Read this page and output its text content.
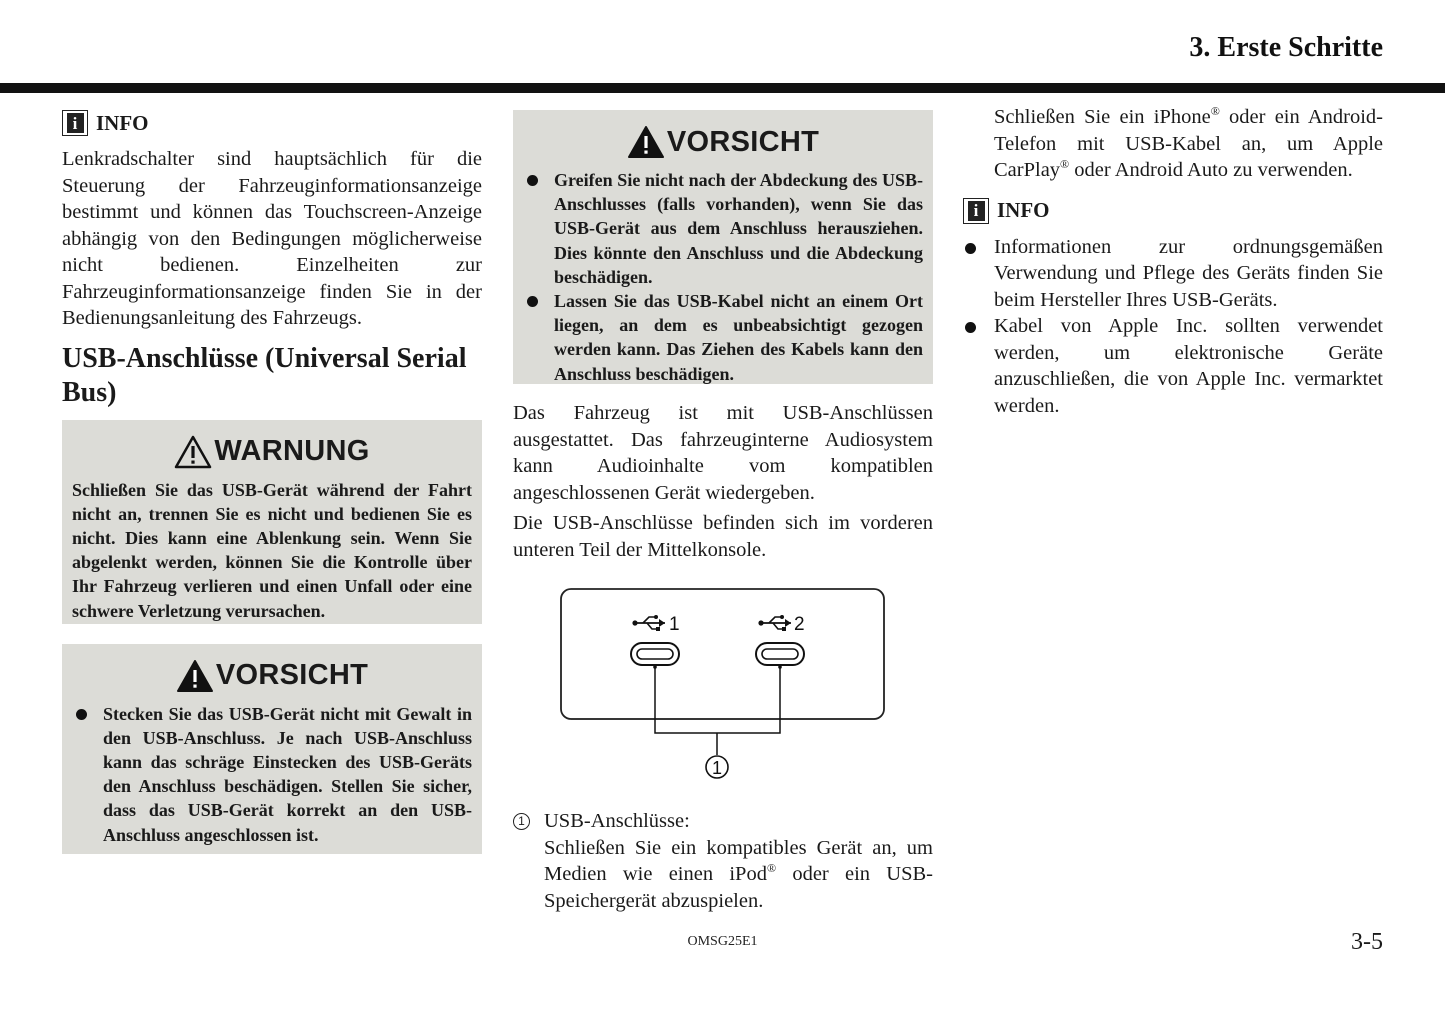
3. Erste Schritte
i INFO

Lenkradschalter sind hauptsächlich für die Steuerung der Fahrzeuginformationsanzeige bestimmt und können das Touchscreen-Anzeige abhängig von den Bedingungen möglicherweise nicht bedienen. Einzelheiten zur Fahrzeuginformationsanzeige finden Sie in der Bedienungsanleitung des Fahrzeugs.

USB-Anschlüsse (Universal Serial Bus)
WARNUNG

Schließen Sie das USB-Gerät während der Fahrt nicht an, trennen Sie es nicht und bedienen Sie es nicht. Dies kann eine Ablenkung sein. Wenn Sie abgelenkt werden, können Sie die Kontrolle über Ihr Fahrzeug verlieren und einen Unfall oder eine schwere Verletzung verursachen.

VORSICHT
Stecken Sie das USB-Gerät nicht mit Gewalt in den USB-Anschluss. Je nach USB-Anschluss kann das schräge Einstecken des USB-Geräts den Anschluss beschädigen. Stellen Sie sicher, dass das USB-Gerät korrekt an den USB-Anschluss angeschlossen ist.
VORSICHT
Greifen Sie nicht nach der Abdeckung des USB-Anschlusses (falls vorhanden), wenn Sie das USB-Gerät aus dem Anschluss herausziehen. Dies könnte den Anschluss und die Abdeckung beschädigen.
Lassen Sie das USB-Kabel nicht an einem Ort liegen, an dem es unbeabsichtigt gezogen werden kann. Das Ziehen des Kabels kann den Anschluss beschädigen.

Das Fahrzeug ist mit USB-Anschlüssen ausgestattet. Das fahrzeuginterne Audiosystem kann Audioinhalte vom kompatiblen angeschlossenen Gerät wiedergeben.

Die USB-Anschlüsse befinden sich im vorderen unteren Teil der Mittelkonsole.

1	2
1
1 USB-Anschlüsse:

Schließen Sie ein kompatibles Gerät an, um Medien wie einen iPod® oder ein USB-Speichergerät abzuspielen.

Schließen Sie ein iPhone® oder ein Android-Telefon mit USB-Kabel an, um Apple CarPlay® oder Android Auto zu verwenden.

i INFO
Informationen zur ordnungsgemäßen Verwendung und Pflege des Geräts finden Sie beim Hersteller Ihres USB-Geräts.
Kabel von Apple Inc. sollten verwendet werden, um elektronische Geräte anzuschließen, die von Apple Inc. vermarktet werden.
OMSG25E1	3-5
